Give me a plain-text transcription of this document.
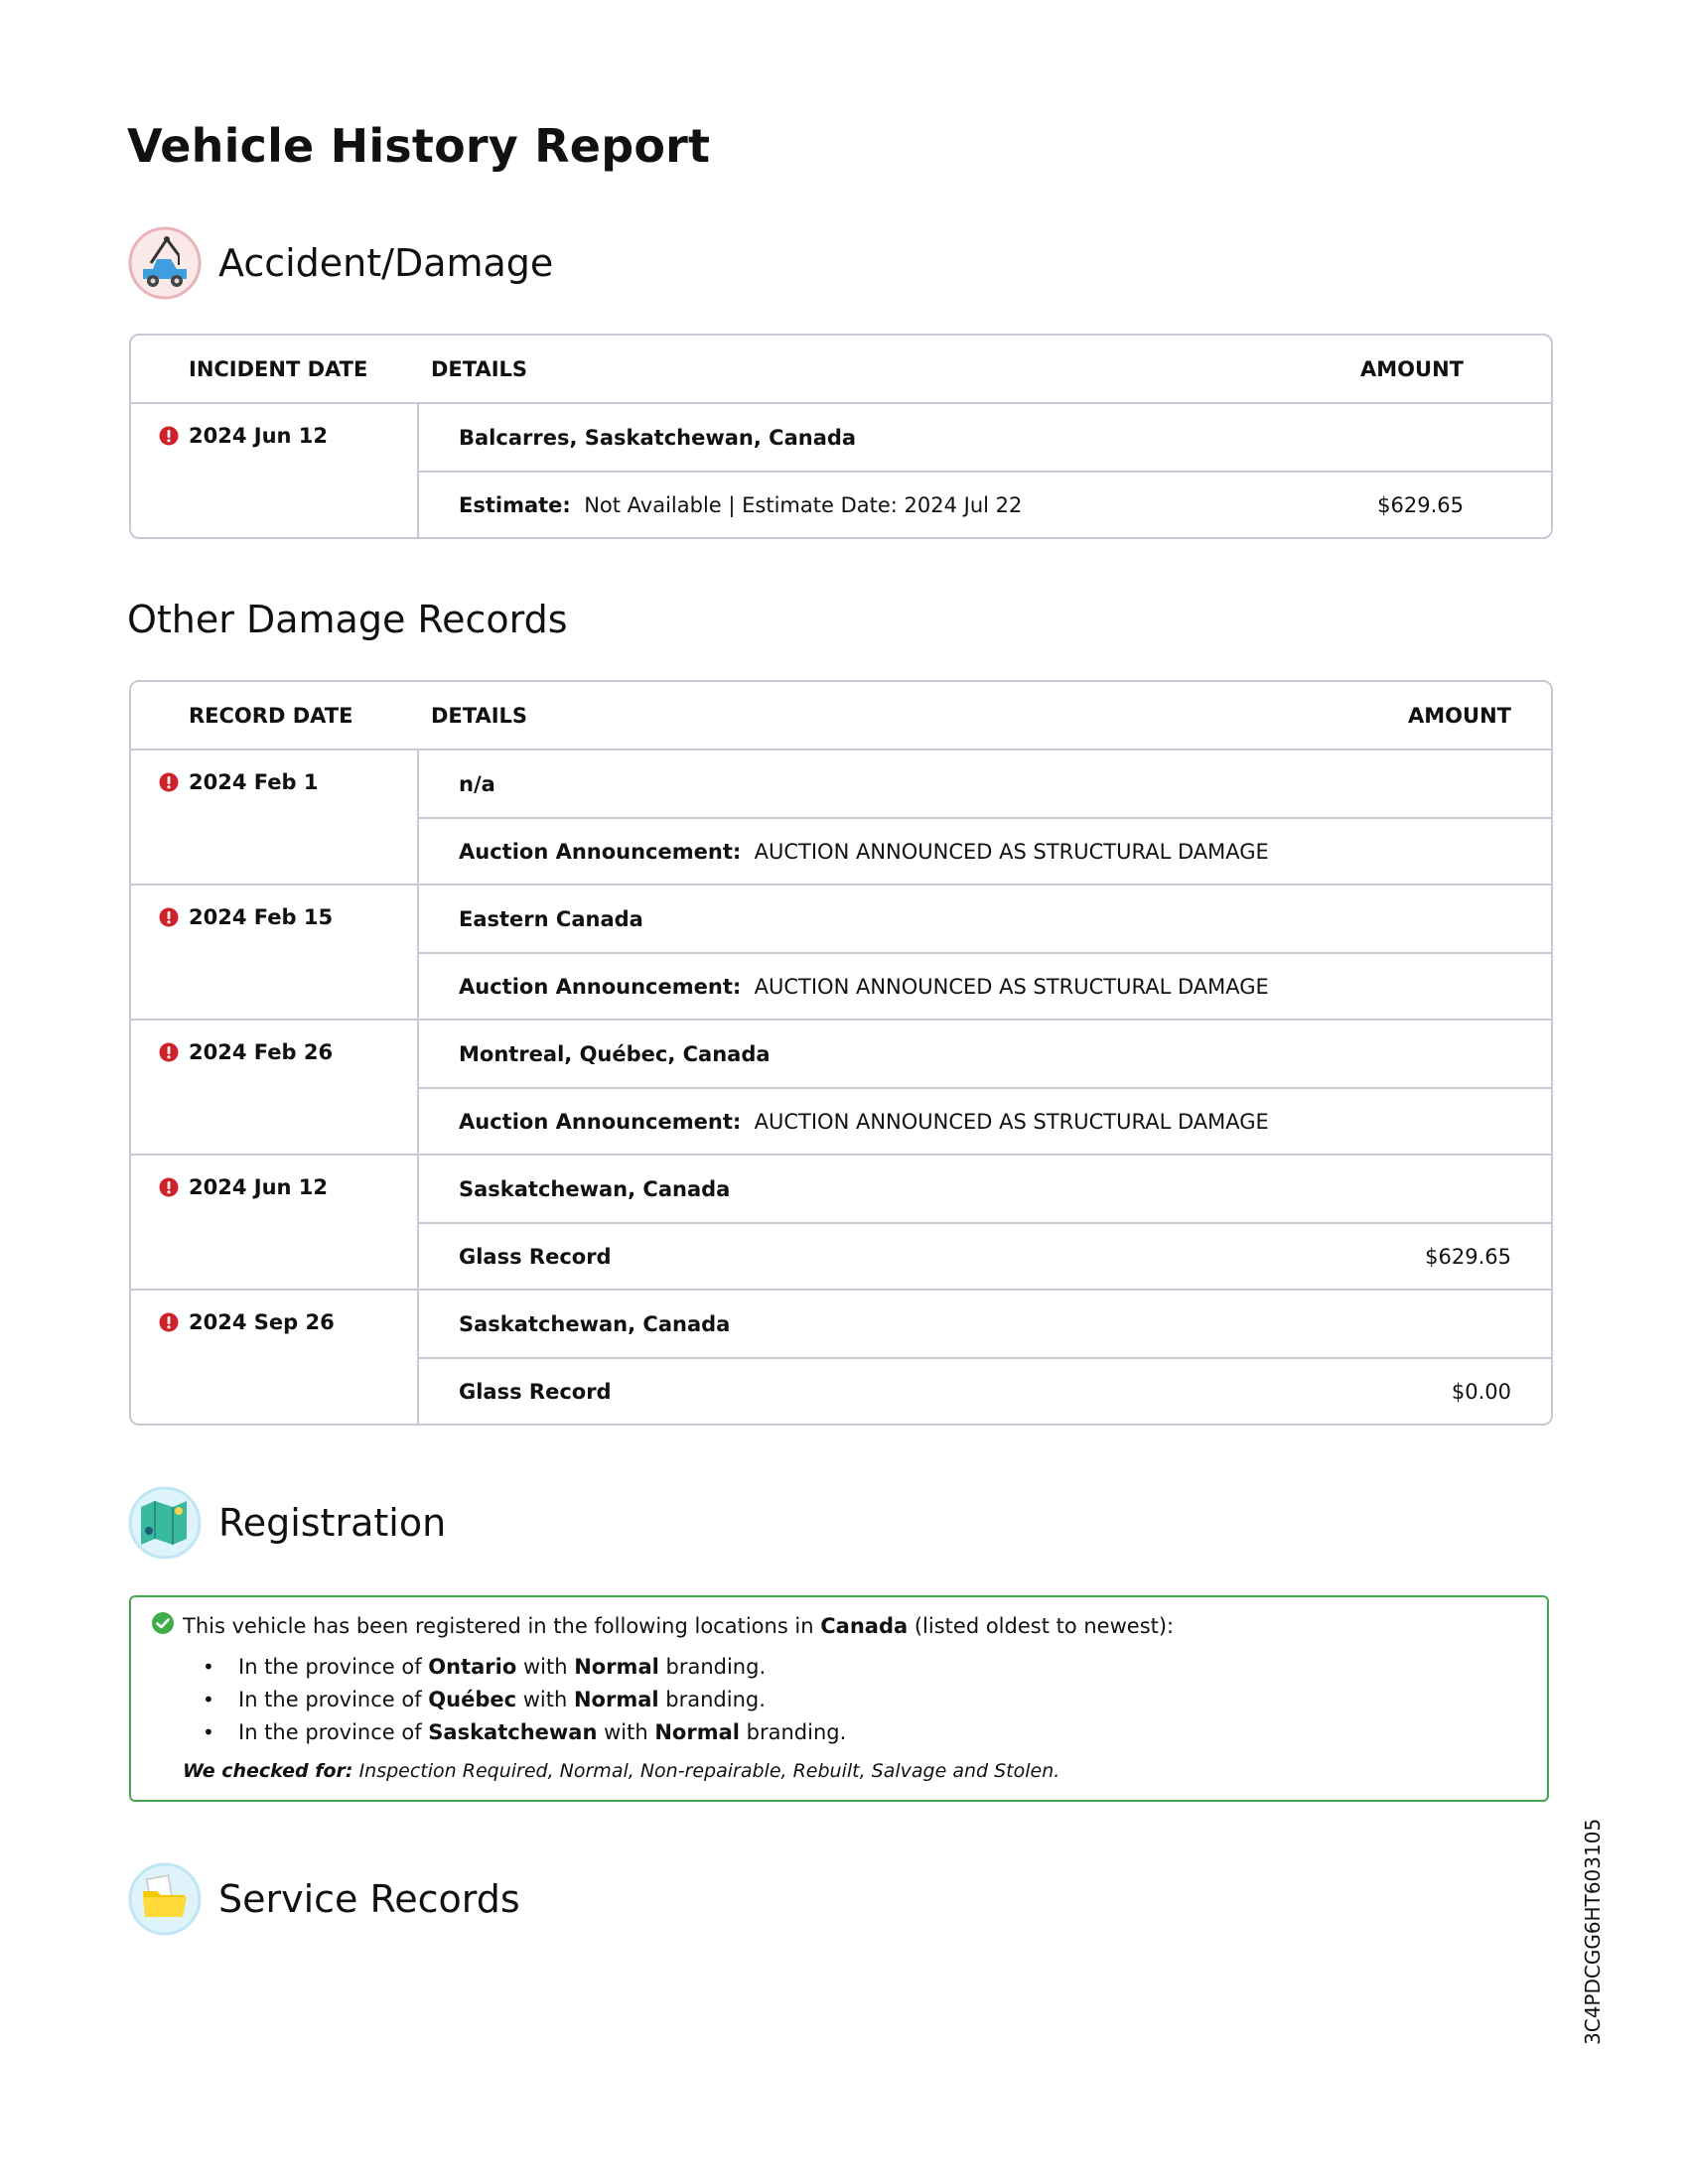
Vehicle History Report
Accident/Damage
INCIDENT DATE	DETAILS	AMOUNT
2024 Jun 12	Balcarres, Saskatchewan, Canada
Estimate: Not Available | Estimate Date: 2024 Jul 22	$629.65
Other Damage Records
RECORD DATE	DETAILS	AMOUNT
2024 Feb 1	n/a
Auction Announcement: AUCTION ANNOUNCED AS STRUCTURAL DAMAGE
2024 Feb 15	Eastern Canada
Auction Announcement: AUCTION ANNOUNCED AS STRUCTURAL DAMAGE
2024 Feb 26	Montreal, Québec, Canada
Auction Announcement: AUCTION ANNOUNCED AS STRUCTURAL DAMAGE
2024 Jun 12	Saskatchewan, Canada
Glass Record	$629.65
2024 Sep 26	Saskatchewan, Canada
Glass Record	$0.00
Registration
This vehicle has been registered in the following locations in Canada (listed oldest to newest):
•	In the province of Ontario with Normal branding.
•	In the province of Québec with Normal branding.
•	In the province of Saskatchewan with Normal branding.
We checked for: Inspection Required, Normal, Non-repairable, Rebuilt, Salvage and Stolen.
Service Records	3C4PDCGG6HT603105
